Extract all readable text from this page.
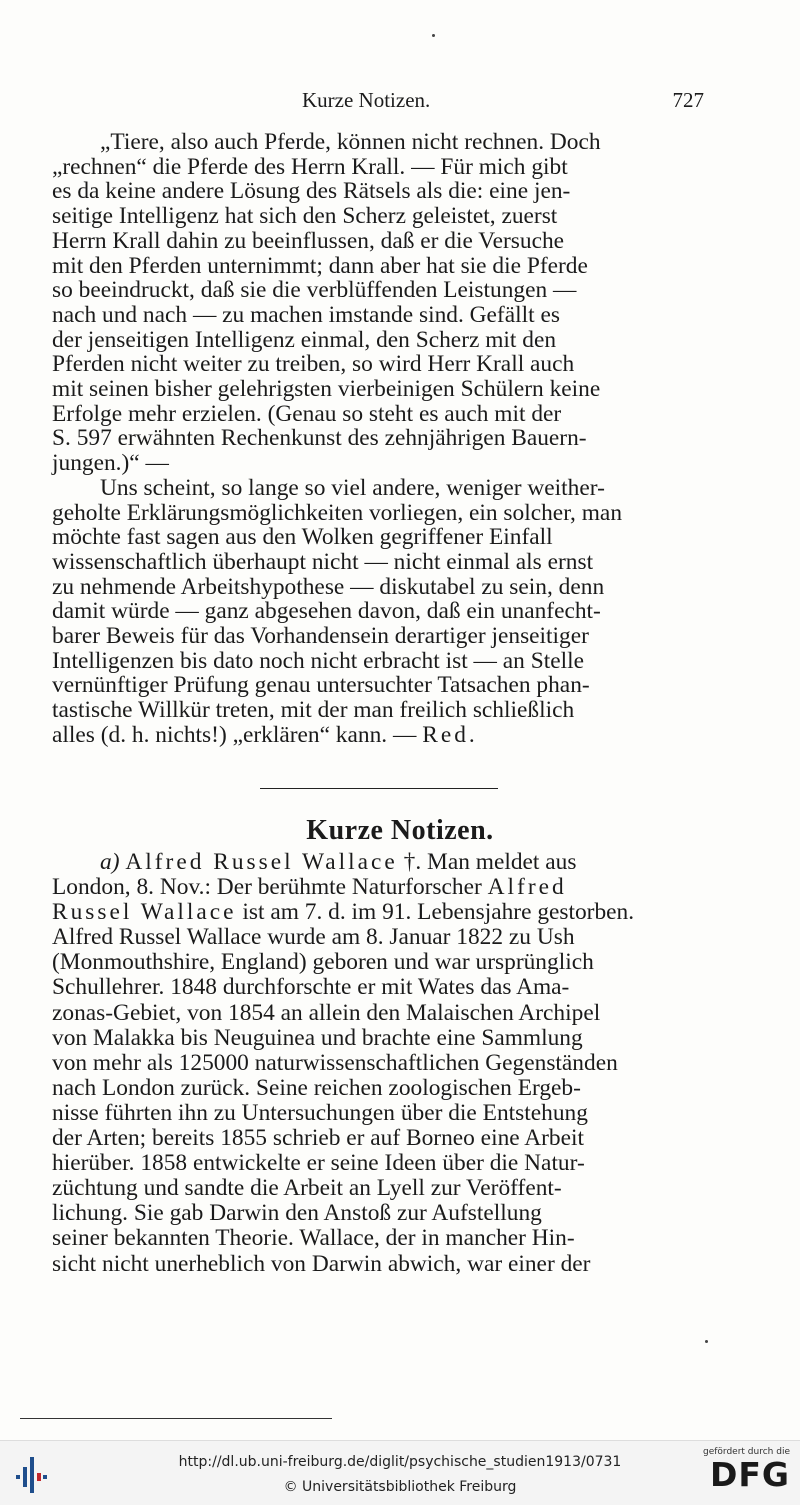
Kurze Notizen.	727

„Tiere, also auch Pferde, können nicht rechnen. Doch

„rechnen“ die Pferde des Herrn Krall. — Für mich gibt

es da keine andere Lösung des Rätsels als die: eine jen-

seitige Intelligenz hat sich den Scherz geleistet, zuerst

Herrn Krall dahin zu beeinflussen, daß er die Versuche

mit den Pferden unternimmt; dann aber hat sie die Pferde

so beeindruckt, daß sie die verblüffenden Leistungen —

nach und nach — zu machen imstande sind. Gefällt es

der jenseitigen Intelligenz einmal, den Scherz mit den

Pferden nicht weiter zu treiben, so wird Herr Krall auch

mit seinen bisher gelehrigsten vierbeinigen Schülern keine

Erfolge mehr erzielen. (Genau so steht es auch mit der

S. 597 erwähnten Rechenkunst des zehnjährigen Bauern-

jungen.)“ —

Uns scheint, so lange so viel andere, weniger weither-

geholte Erklärungsmöglichkeiten vorliegen, ein solcher, man

möchte fast sagen aus den Wolken gegriffener Einfall

wissenschaftlich überhaupt nicht — nicht einmal als ernst

zu nehmende Arbeitshypothese — diskutabel zu sein, denn

damit würde — ganz abgesehen davon, daß ein unanfecht-

barer Beweis für das Vorhandensein derartiger jenseitiger

Intelligenzen bis dato noch nicht erbracht ist — an Stelle

vernünftiger Prüfung genau untersuchter Tatsachen phan-

tastische Willkür treten, mit der man freilich schließlich

alles (d. h. nichts!) „erklären“ kann. — Red.

Kurze Notizen.

a) Alfred Russel Wallace †. Man meldet aus

London, 8. Nov.: Der berühmte Naturforscher Alfred

Russel Wallace ist am 7. d. im 91. Lebensjahre gestorben.

Alfred Russel Wallace wurde am 8. Januar 1822 zu Ush

(Monmouthshire, England) geboren und war ursprünglich

Schullehrer. 1848 durchforschte er mit Wates das Ama-

zonas-Gebiet, von 1854 an allein den Malaischen Archipel

von Malakka bis Neuguinea und brachte eine Sammlung

von mehr als 125000 naturwissenschaftlichen Gegenständen

nach London zurück. Seine reichen zoologischen Ergeb-

nisse führten ihn zu Untersuchungen über die Entstehung

der Arten; bereits 1855 schrieb er auf Borneo eine Arbeit

hierüber. 1858 entwickelte er seine Ideen über die Natur-

züchtung und sandte die Arbeit an Lyell zur Veröffent-

lichung. Sie gab Darwin den Anstoß zur Aufstellung

seiner bekannten Theorie. Wallace, der in mancher Hin-

sicht nicht unerheblich von Darwin abwich, war einer der

http://dl.ub.uni-freiburg.de/diglit/psychische_studien1913/0731
© Universitätsbibliothek Freiburg
gefördert durch die
DFG
